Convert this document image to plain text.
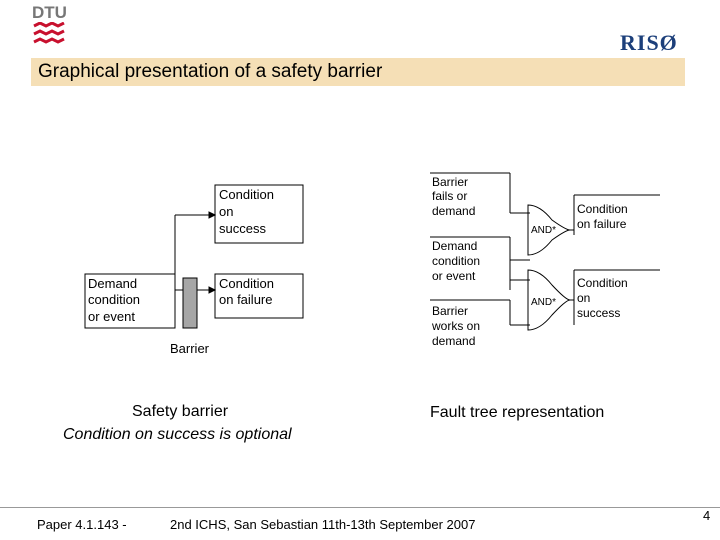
DTU
RISØ
Graphical presentation of a safety barrier
Condition
on
success
Condition
on failure
Demand
condition
or event
Barrier
Barrier
fails or
demand
Demand
condition
or event
Barrier
works on
demand
Condition
on failure
Condition
on
success
AND*
AND*
Safety barrier
Condition on success is optional
Fault tree representation
Paper 4.1.143 -	2nd ICHS, San Sebastian 11th-13th September 2007
4
